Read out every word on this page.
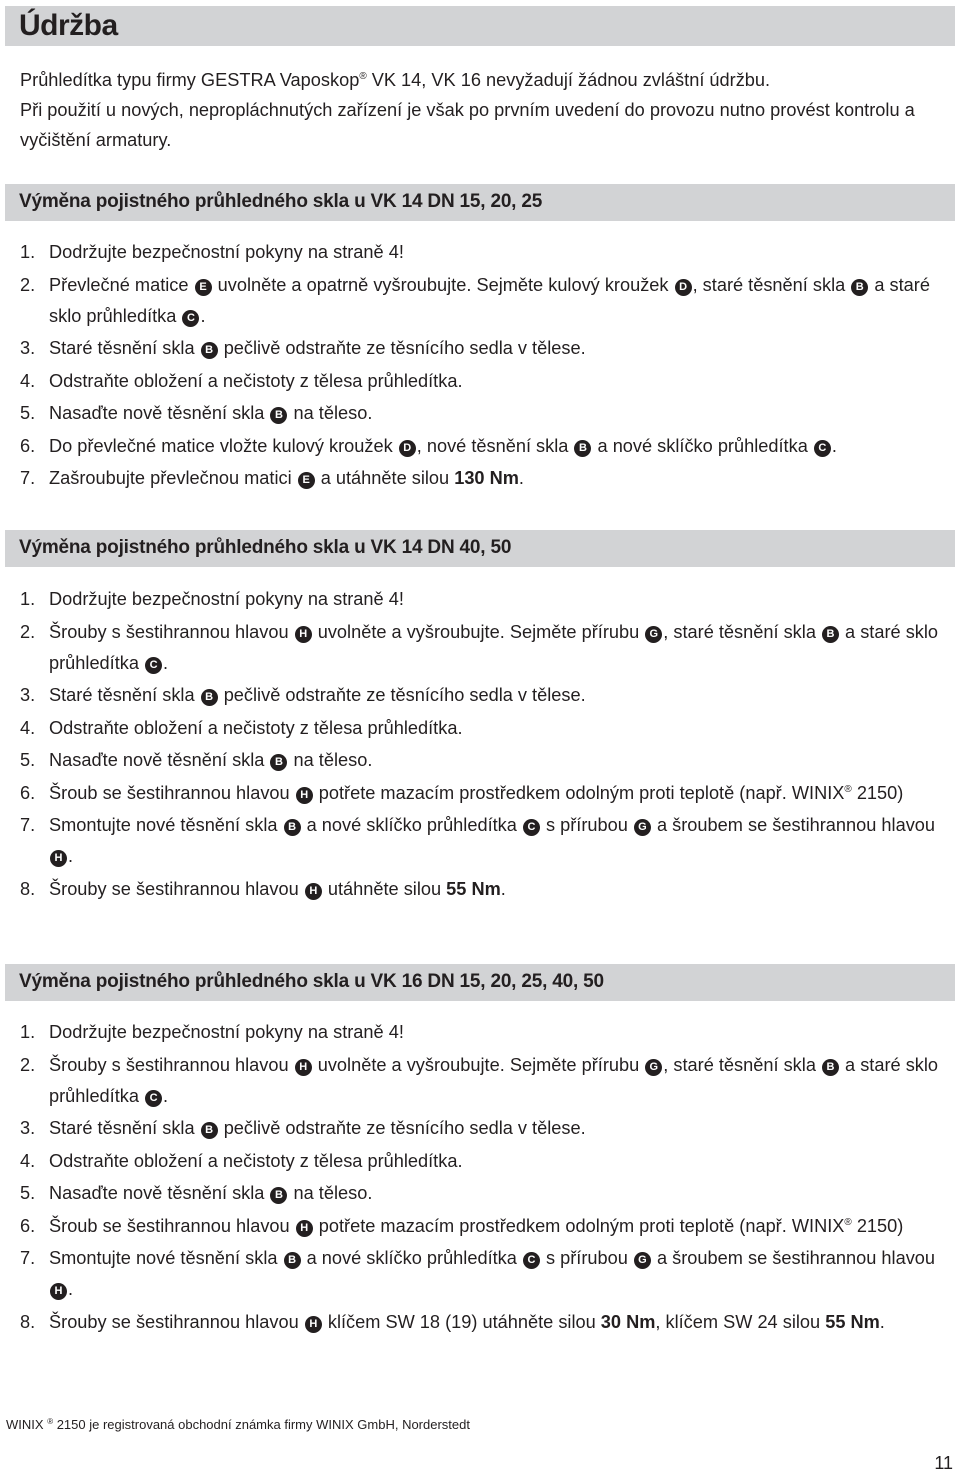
Údržba

Průhledítka typu firmy GESTRA Vaposkop® VK 14, VK 16 nevyžadují žádnou zvláštní údržbu.

Při použití u nových, nepropláchnutých zařízení je však po prvním uvedení do provozu nutno provést kontrolu a vyčištění armatury.

Výměna pojistného průhledného skla u VK 14 DN 15, 20, 25
1. Dodržujte bezpečnostní pokyny na straně 4!
2. Převlečné matice E uvolněte a opatrně vyšroubujte. Sejměte kulový kroužek D , staré těsnění skla B a staré sklo průhledítka C .
3. Staré těsnění skla B pečlivě odstraňte ze těsnícího sedla v tělese.
4. Odstraňte obložení a nečistoty z tělesa průhledítka.
5. Nasaďte nově těsnění skla B na těleso.
6. Do převlečné matice vložte kulový kroužek D , nové těsnění skla B a nové sklíčko průhledítka C .
7. Zašroubujte převlečnou matici E a utáhněte silou 130 Nm.
Výměna pojistného průhledného skla u VK 14 DN 40, 50
1. Dodržujte bezpečnostní pokyny na straně 4!
2. Šrouby s šestihrannou hlavou H uvolněte a vyšroubujte. Sejměte přírubu G , staré těsnění skla B a staré sklo průhledítka C .
3. Staré těsnění skla B pečlivě odstraňte ze těsnícího sedla v tělese.
4. Odstraňte obložení a nečistoty z tělesa průhledítka.
5. Nasaďte nově těsnění skla B na těleso.
6. Šroub se šestihrannou hlavou H potřete mazacím prostředkem odolným proti teplotě (např. WINIX® 2150)
7. Smontujte nové těsnění skla B a nové sklíčko průhledítka C s přírubou G a šroubem se šestihrannou hlavou H .
8. Šrouby se šestihrannou hlavou H utáhněte silou 55 Nm.
Výměna pojistného průhledného skla u VK 16 DN 15, 20, 25, 40, 50
1. Dodržujte bezpečnostní pokyny na straně 4!
2. Šrouby s šestihrannou hlavou H uvolněte a vyšroubujte. Sejměte přírubu G , staré těsnění skla B a staré sklo průhledítka C .
3. Staré těsnění skla B pečlivě odstraňte ze těsnícího sedla v tělese.
4. Odstraňte obložení a nečistoty z tělesa průhledítka.
5. Nasaďte nově těsnění skla B na těleso.
6. Šroub se šestihrannou hlavou H potřete mazacím prostředkem odolným proti teplotě (např. WINIX® 2150)
7. Smontujte nové těsnění skla B a nové sklíčko průhledítka C s přírubou G a šroubem se šestihrannou hlavou H .
8. Šrouby se šestihrannou hlavou H klíčem SW 18 (19) utáhněte silou 30 Nm, klíčem SW 24 silou 55 Nm.

WINIX ® 2150 je registrovaná obchodní známka firmy WINIX GmbH, Norderstedt

11
